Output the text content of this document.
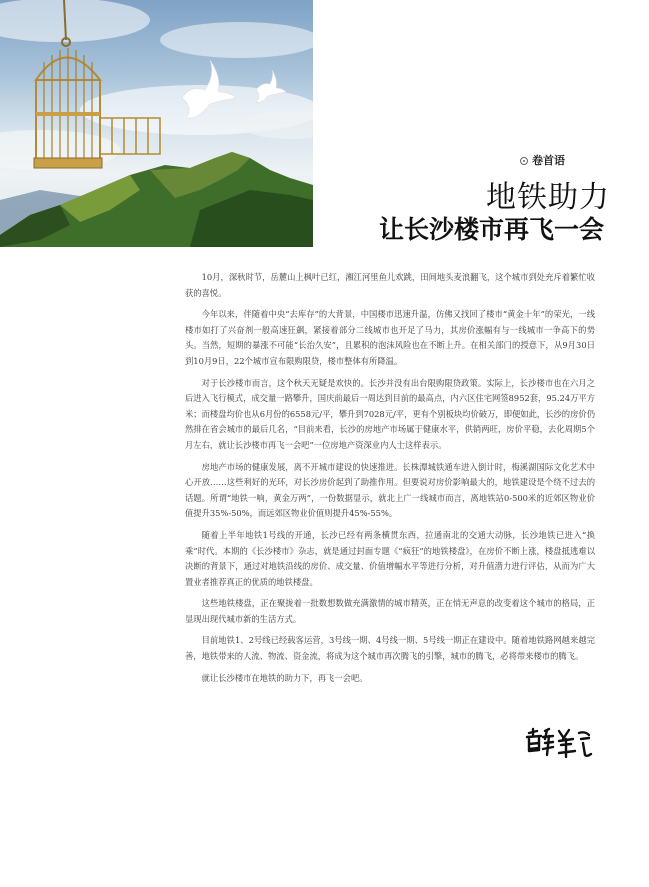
卷首语
地铁助力
让长沙楼市再飞一会

10月，深秋时节，岳麓山上枫叶已红，湘江河里鱼儿欢跳，田间地头麦浪翻飞，这个城市到处充斥着繁忙收获的喜悦。

今年以来，伴随着中央“去库存”的大背景，中国楼市迅速升温，仿佛又找回了楼市“黄金十年”的荣光，一线楼市如打了兴奋剂一般高速狂飙，紧接着部分二线城市也开足了马力，其房价涨幅有与一线城市一争高下的势头。当然，短期的暴涨不可能“长治久安”，且累积的泡沫风险也在不断上升。在相关部门的授意下，从9月30日到10月9日，22个城市宣布限购限贷，楼市整体有所降温。

对于长沙楼市而言，这个秋天无疑是欢快的。长沙并没有出台限购限贷政策。实际上，长沙楼市也在六月之后进入飞行模式，成交量一路攀升，国庆前最后一周达到目前的最高点，内六区住宅网签8952套，95.24万平方米；而楼盘均价也从6月份的6558元/平，攀升到7028元/平，更有个别板块均价破万，即便如此，长沙的房价仍然排在省会城市的最后几名，“目前来看，长沙的房地产市场属于健康水平，供销两旺，房价平稳，去化周期5个月左右，就让长沙楼市再飞一会吧”一位房地产资深业内人士这样表示。

房地产市场的健康发展，离不开城市建设的快速推进。长株潭城铁通车进入倒计时，梅溪湖国际文化艺术中心开放……这些利好的光环，对长沙房价起到了助推作用。但要说对房价影响最大的，地铁建设是个绕不过去的话题。所谓“地铁一响，黄金万两”，一份数据显示，就北上广一线城市而言，离地铁站0-500米的近郊区物业价值提升35%-50%，而远郊区物业价值则提升45%-55%。

随着上半年地铁1号线的开通，长沙已经有两条横贯东西，拉通南北的交通大动脉，长沙地铁已进入“换乘”时代。本期的《长沙楼市》杂志，就是通过封面专题《“疯狂”的地铁楼盘》，在房价不断上涨，楼盘抵逃难以决断的背景下，通过对地铁沿线的房价、成交量、价值增幅水平等进行分析，对升值潜力进行评估，从而为广大置业者推荐真正的优质的地铁楼盘。

这些地铁楼盘，正在聚拢着一批数想数做充满激情的城市精英，正在悄无声息的改变着这个城市的格局，正显现出现代城市新的生活方式。

目前地铁1、2号线已经载客运营，3号线一期、4号线一期、5号线一期正在建设中。随着地铁路网越来越完善，地铁带来的人流、物流、资金流，将成为这个城市再次腾飞的引擎，城市的腾飞，必将带来楼市的腾飞。

就让长沙楼市在地铁的助力下，再飞一会吧。
